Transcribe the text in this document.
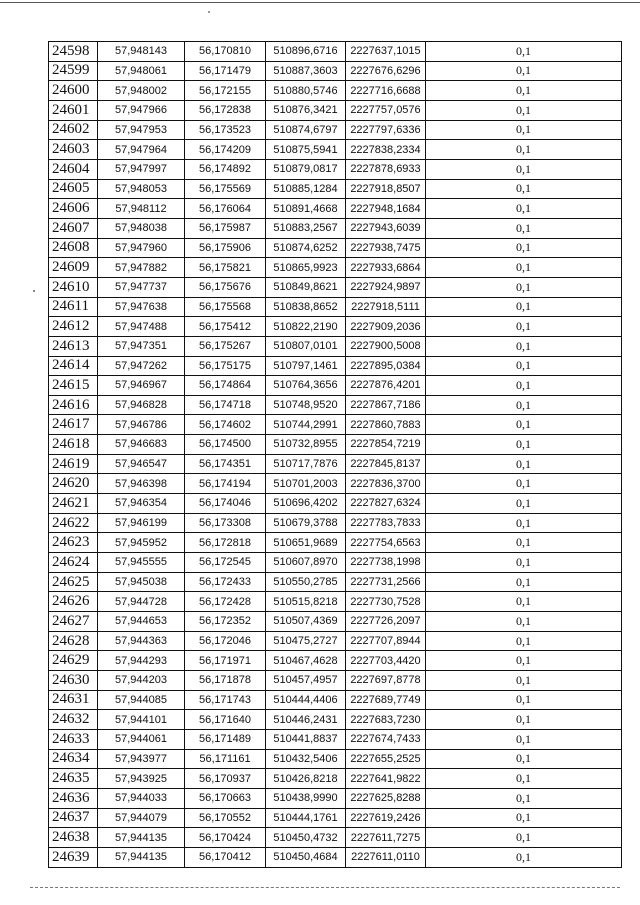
24598	57,948143	56,170810	510896,6716	2227637,1015	0,1
24599	57,948061	56,171479	510887,3603	2227676,6296	0,1
24600	57,948002	56,172155	510880,5746	2227716,6688	0,1
24601	57,947966	56,172838	510876,3421	2227757,0576	0,1
24602	57,947953	56,173523	510874,6797	2227797,6336	0,1
24603	57,947964	56,174209	510875,5941	2227838,2334	0,1
24604	57,947997	56,174892	510879,0817	2227878,6933	0,1
24605	57,948053	56,175569	510885,1284	2227918,8507	0,1
24606	57,948112	56,176064	510891,4668	2227948,1684	0,1
24607	57,948038	56,175987	510883,2567	2227943,6039	0,1
24608	57,947960	56,175906	510874,6252	2227938,7475	0,1
24609	57,947882	56,175821	510865,9923	2227933,6864	0,1
24610	57,947737	56,175676	510849,8621	2227924,9897	0,1
24611	57,947638	56,175568	510838,8652	2227918,5111	0,1
24612	57,947488	56,175412	510822,2190	2227909,2036	0,1
24613	57,947351	56,175267	510807,0101	2227900,5008	0,1
24614	57,947262	56,175175	510797,1461	2227895,0384	0,1
24615	57,946967	56,174864	510764,3656	2227876,4201	0,1
24616	57,946828	56,174718	510748,9520	2227867,7186	0,1
24617	57,946786	56,174602	510744,2991	2227860,7883	0,1
24618	57,946683	56,174500	510732,8955	2227854,7219	0,1
24619	57,946547	56,174351	510717,7876	2227845,8137	0,1
24620	57,946398	56,174194	510701,2003	2227836,3700	0,1
24621	57,946354	56,174046	510696,4202	2227827,6324	0,1
24622	57,946199	56,173308	510679,3788	2227783,7833	0,1
24623	57,945952	56,172818	510651,9689	2227754,6563	0,1
24624	57,945555	56,172545	510607,8970	2227738,1998	0,1
24625	57,945038	56,172433	510550,2785	2227731,2566	0,1
24626	57,944728	56,172428	510515,8218	2227730,7528	0,1
24627	57,944653	56,172352	510507,4369	2227726,2097	0,1
24628	57,944363	56,172046	510475,2727	2227707,8944	0,1
24629	57,944293	56,171971	510467,4628	2227703,4420	0,1
24630	57,944203	56,171878	510457,4957	2227697,8778	0,1
24631	57,944085	56,171743	510444,4406	2227689,7749	0,1
24632	57,944101	56,171640	510446,2431	2227683,7230	0,1
24633	57,944061	56,171489	510441,8837	2227674,7433	0,1
24634	57,943977	56,171161	510432,5406	2227655,2525	0,1
24635	57,943925	56,170937	510426,8218	2227641,9822	0,1
24636	57,944033	56,170663	510438,9990	2227625,8288	0,1
24637	57,944079	56,170552	510444,1761	2227619,2426	0,1
24638	57,944135	56,170424	510450,4732	2227611,7275	0,1
24639	57,944135	56,170412	510450,4684	2227611,0110	0,1
